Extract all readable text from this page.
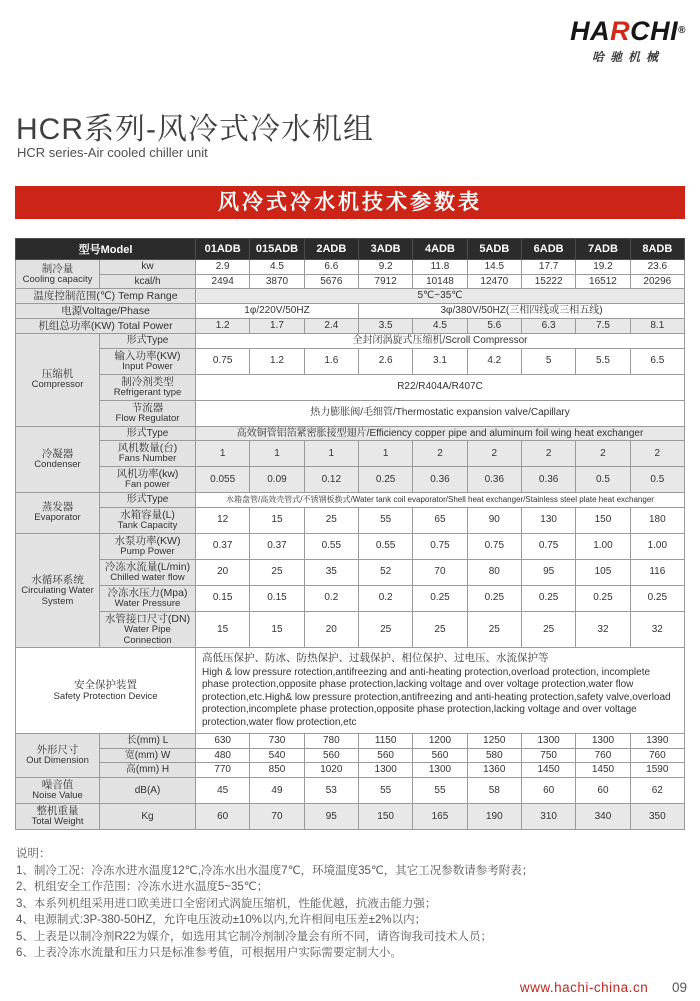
HARCHI®
哈驰机械
HCR系列-风冷式冷水机组
HCR series-Air cooled chiller unit
风冷式冷水机技术参数表
型号Model		01ADB	015ADB	2ADB	3ADB	4ADB	5ADB	6ADB	7ADB	8ADB

制冷量
Cooling capacity	kw	2.9	4.5	6.6	9.2	11.8	14.5	17.7	19.2	23.6
	kcal/h	2494	3870	5676	7912	10148	12470	15222	16512	20296
温度控制范围(℃) Temp Range		5℃~35℃								
电源Voltage/Phase		1φ/220V/50HZ			3φ/380V/50HZ(三相四线或三相五线)					
机组总功率(KW) Total Power		1.2	1.7	2.4	3.5	4.5	5.6	6.3	7.5	8.1

压缩机
Compressor	形式Type	全封闭涡旋式压缩机/Scroll Compressor								

	输入功率(KW)
Input Power	0.75	1.2	1.6	2.6	3.1	4.2	5	5.5	6.5

	制冷剂类型
Refrigerant type	R22/R404A/R407C								

	节流器
Flow Regulator	热力膨胀阀/毛细管/Thermostatic expansion valve/Capillary								

冷凝器
Condenser	形式Type	高效铜管铝箔紧密胀接型翅片/Efficiency copper pipe and aluminum foil wing heat exchanger								

	风机数量(台)
Fans Number	1	1	1	1	2	2	2	2	2

	风机功率(kw)
Fan power	0.055	0.09	0.12	0.25	0.36	0.36	0.36	0.5	0.5

蒸发器
Evaporator	形式Type	水箱盘管/高效壳管式/不锈钢板换式/Water tank coil evaporator/Shell heat exchanger/Stainless steel plate heat exchanger								

	水箱容量(L)
Tank Capacity	12	15	25	55	65	90	130	150	180

水循环系统
Circulating Water System	水泵功率(KW)
Pump Power	0.37	0.37	0.55	0.55	0.75	0.75	0.75	1.00	1.00

	冷冻水流量(L/min)
Chilled water flow	20	25	35	52	70	80	95	105	116

	冷冻水压力(Mpa)
Water Pressure	0.15	0.15	0.2	0.2	0.25	0.25	0.25	0.25	0.25

	水管接口尺寸(DN)
Water Pipe Connection	15	15	20	25	25	25	25	32	32

安全保护装置
Safety Protection Device

高低压保护、防冰、防热保护、过载保护、相位保护、过电压、水流保护等
High & low pressure rotection,antifreezing and anti-heating protection,overload protection, incomplete phase protection,opposite phase protection,lacking voltage and over voltage protection,water flow protection,etc.High& low pressure protection,antifreezing and anti-heating protection,safety valve,overload protection,incomplete phase protection,opposite phase protection,lacking voltage and over voltage protection,water flow protection,etc

外形尺寸
Out Dimension	长(mm) L	630	730	780	1150	1200	1250	1300	1300	1390
	宽(mm) W	480	540	560	560	560	580	750	760	760
	高(mm) H	770	850	1020	1300	1300	1360	1450	1450	1590

噪音值
Noise Value	dB(A)	45	49	53	55	55	58	60	60	62

整机重量
Total Weight	Kg	60	70	95	150	165	190	310	340	350
说明：
1、制冷工况：冷冻水进水温度12℃,冷冻水出水温度7℃，环境温度35℃，其它工况参数请参考附表；
2、机组安全工作范围：冷冻水进水温度5~35℃；
3、本系列机组采用进口欧美进口全密闭式涡旋压缩机，性能优越，抗液击能力强；
4、电源制式:3P-380-50HZ，允许电压波动±10%以内,允许相间电压差±2%以内；
5、上表是以制冷剂R22为媒介，如选用其它制冷剂制冷量会有所不同，请咨询我司技术人员；
6、上表冷冻水流量和压力只是标准参考值，可根据用户实际需要定制大小。
www.hachi-china.cn 09
